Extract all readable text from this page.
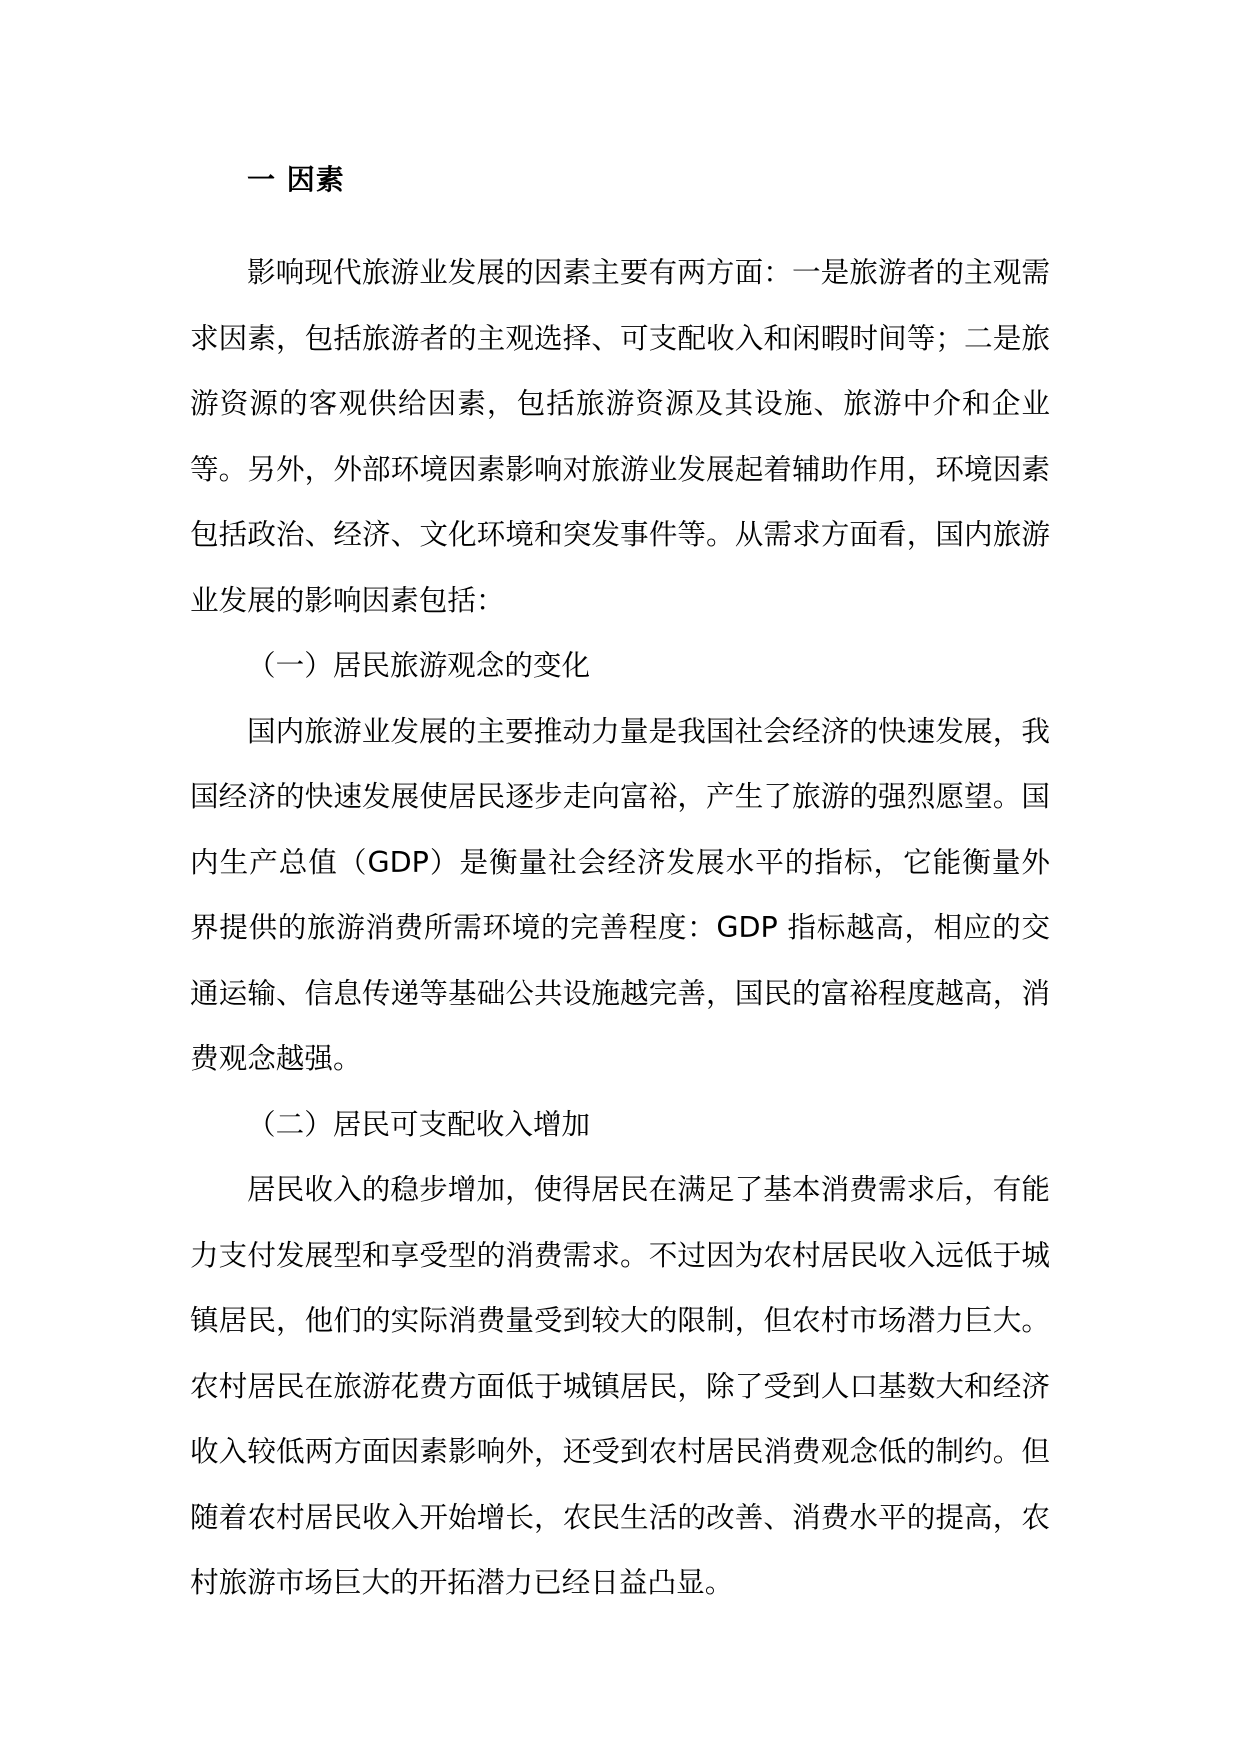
一 因素

影响现代旅游业发展的因素主要有两方面：一是旅游者的主观需求因素，包括旅游者的主观选择、可支配收入和闲暇时间等；二是旅游资源的客观供给因素，包括旅游资源及其设施、旅游中介和企业等。另外，外部环境因素影响对旅游业发展起着辅助作用，环境因素包括政治、经济、文化环境和突发事件等。从需求方面看，国内旅游业发展的影响因素包括：

（一）居民旅游观念的变化

国内旅游业发展的主要推动力量是我国社会经济的快速发展，我国经济的快速发展使居民逐步走向富裕，产生了旅游的强烈愿望。国内生产总值（GDP）是衡量社会经济发展水平的指标，它能衡量外界提供的旅游消费所需环境的完善程度：GDP 指标越高，相应的交通运输、信息传递等基础公共设施越完善，国民的富裕程度越高，消费观念越强。

（二）居民可支配收入增加

居民收入的稳步增加，使得居民在满足了基本消费需求后，有能力支付发展型和享受型的消费需求。不过因为农村居民收入远低于城镇居民，他们的实际消费量受到较大的限制，但农村市场潜力巨大。农村居民在旅游花费方面低于城镇居民，除了受到人口基数大和经济收入较低两方面因素影响外，还受到农村居民消费观念低的制约。但随着农村居民收入开始增长，农民生活的改善、消费水平的提高，农村旅游市场巨大的开拓潜力已经日益凸显。
